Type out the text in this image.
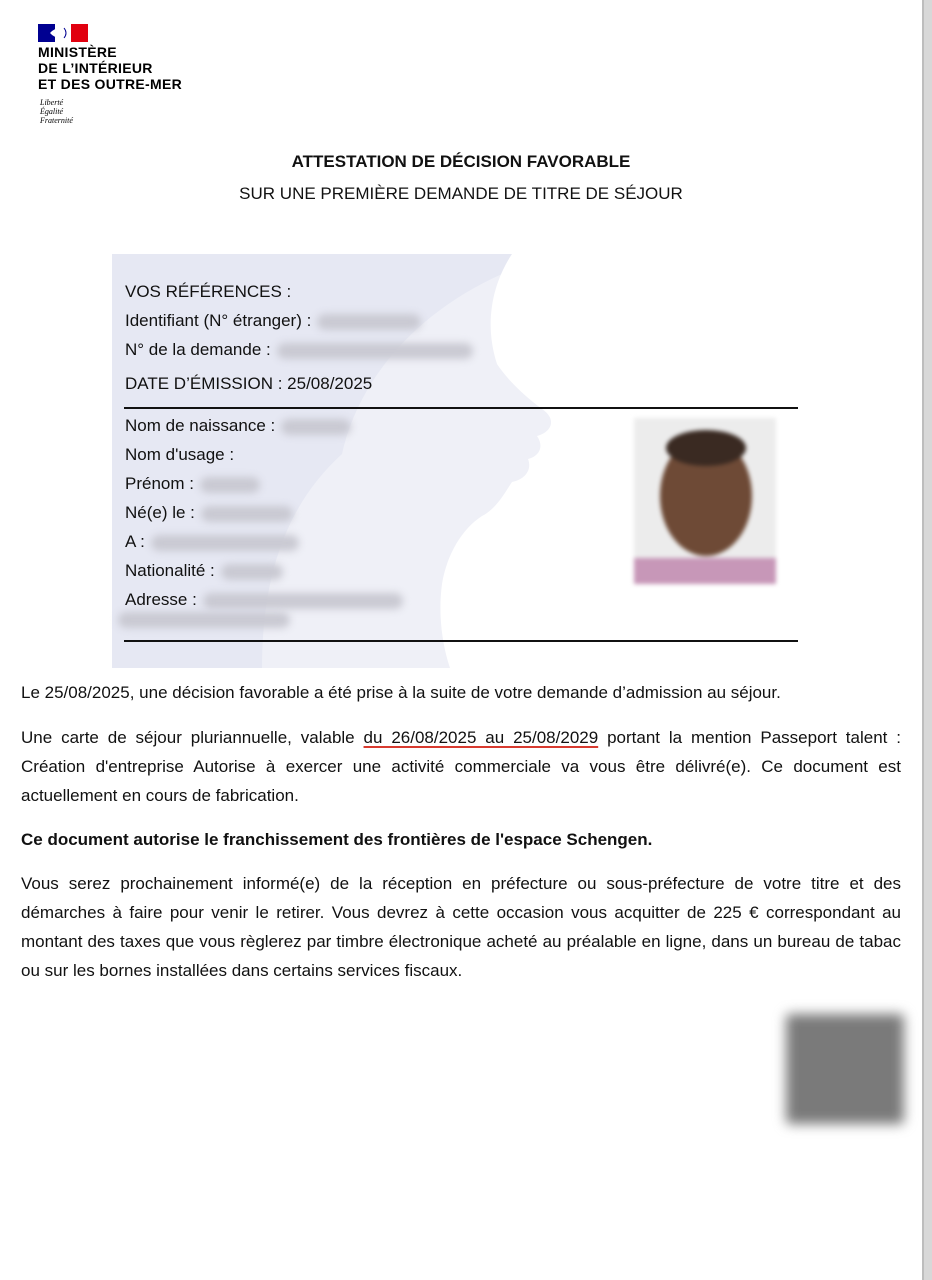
MINISTÈRE
DE L’INTÉRIEUR
ET DES OUTRE-MER
Liberté
Égalité
Fraternité
ATTESTATION DE DÉCISION FAVORABLE
SUR UNE PREMIÈRE DEMANDE DE TITRE DE SÉJOUR
VOS RÉFÉRENCES :
Identifiant (N° étranger) :
N° de la demande :
DATE D’ÉMISSION : 25/08/2025
Nom de naissance :
Nom d'usage :
Prénom :
Né(e) le :
A :
Nationalité :
Adresse :
Le 25/08/2025, une décision favorable a été prise à la suite de votre demande d’admission au séjour.
Une carte de séjour pluriannuelle, valable du 26/08/2025 au 25/08/2029 portant la mention Passeport talent : Création d'entreprise Autorise à exercer une activité commerciale va vous être délivré(e). Ce document est actuellement en cours de fabrication.
Ce document autorise le franchissement des frontières de l'espace Schengen.
Vous serez prochainement informé(e) de la réception en préfecture ou sous-préfecture de votre titre et des démarches à faire pour venir le retirer. Vous devrez à cette occasion vous acquitter de 225 € correspondant au montant des taxes que vous règlerez par timbre électronique acheté au préalable en ligne, dans un bureau de tabac ou sur les bornes installées dans certains services fiscaux.
